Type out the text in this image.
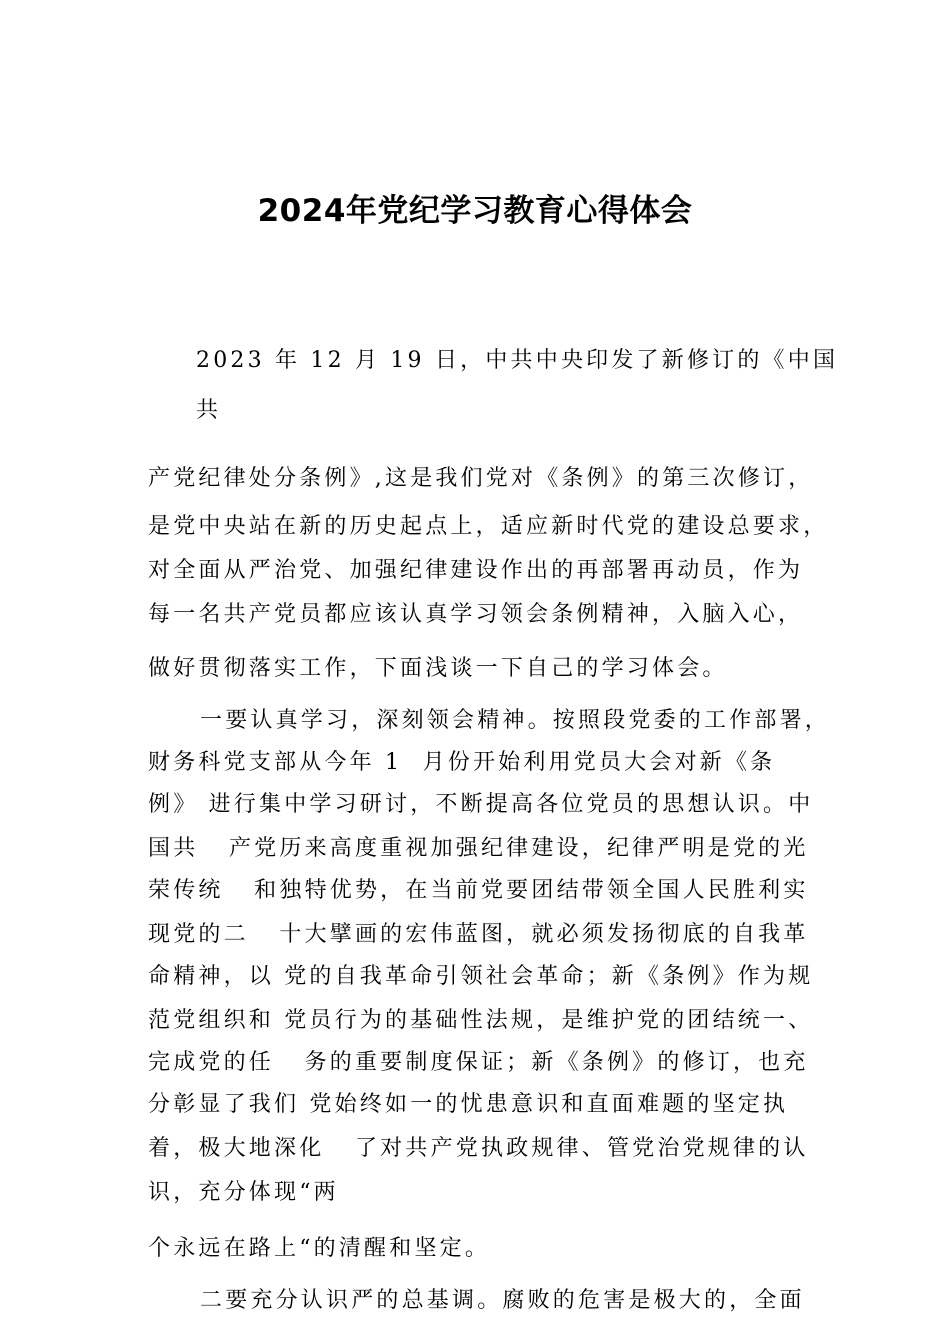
2024年党纪学习教育心得体会
2023 年 12 月 19 日，中共中央印发了新修订的《中国
共
产党纪律处分条例》,这是我们党对《条例》的第三次修订，
是党中央站在新的历史起点上，适应新时代党的建设总要求，
对全面从严治党、加强纪律建设作出的再部署再动员，作为
每一名共产党员都应该认真学习领会条例精神，入脑入心，
做好贯彻落实工作，下面浅谈一下自己的学习体会。
一要认真学习，深刻领会精神。按照段党委的工作部署，
财务科党支部从今年 1  月份开始利用党员大会对新《条
例》 进行集中学习研讨，不断提高各位党员的思想认识。中
国共   产党历来高度重视加强纪律建设，纪律严明是党的光
荣传统   和独特优势，在当前党要团结带领全国人民胜利实
现党的二   十大擘画的宏伟蓝图，就必须发扬彻底的自我革
命精神，以 党的自我革命引领社会革命；新《条例》作为规
范党组织和 党员行为的基础性法规，是维护党的团结统一、
完成党的任   务的重要制度保证；新《条例》的修订，也充
分彰显了我们 党始终如一的忧患意识和直面难题的坚定执
着，极大地深化   了对共产党执政规律、管党治党规律的认
识，充分体现“两
个永远在路上“的清醒和坚定。
二要充分认识严的总基调。腐败的危害是极大的，全面
